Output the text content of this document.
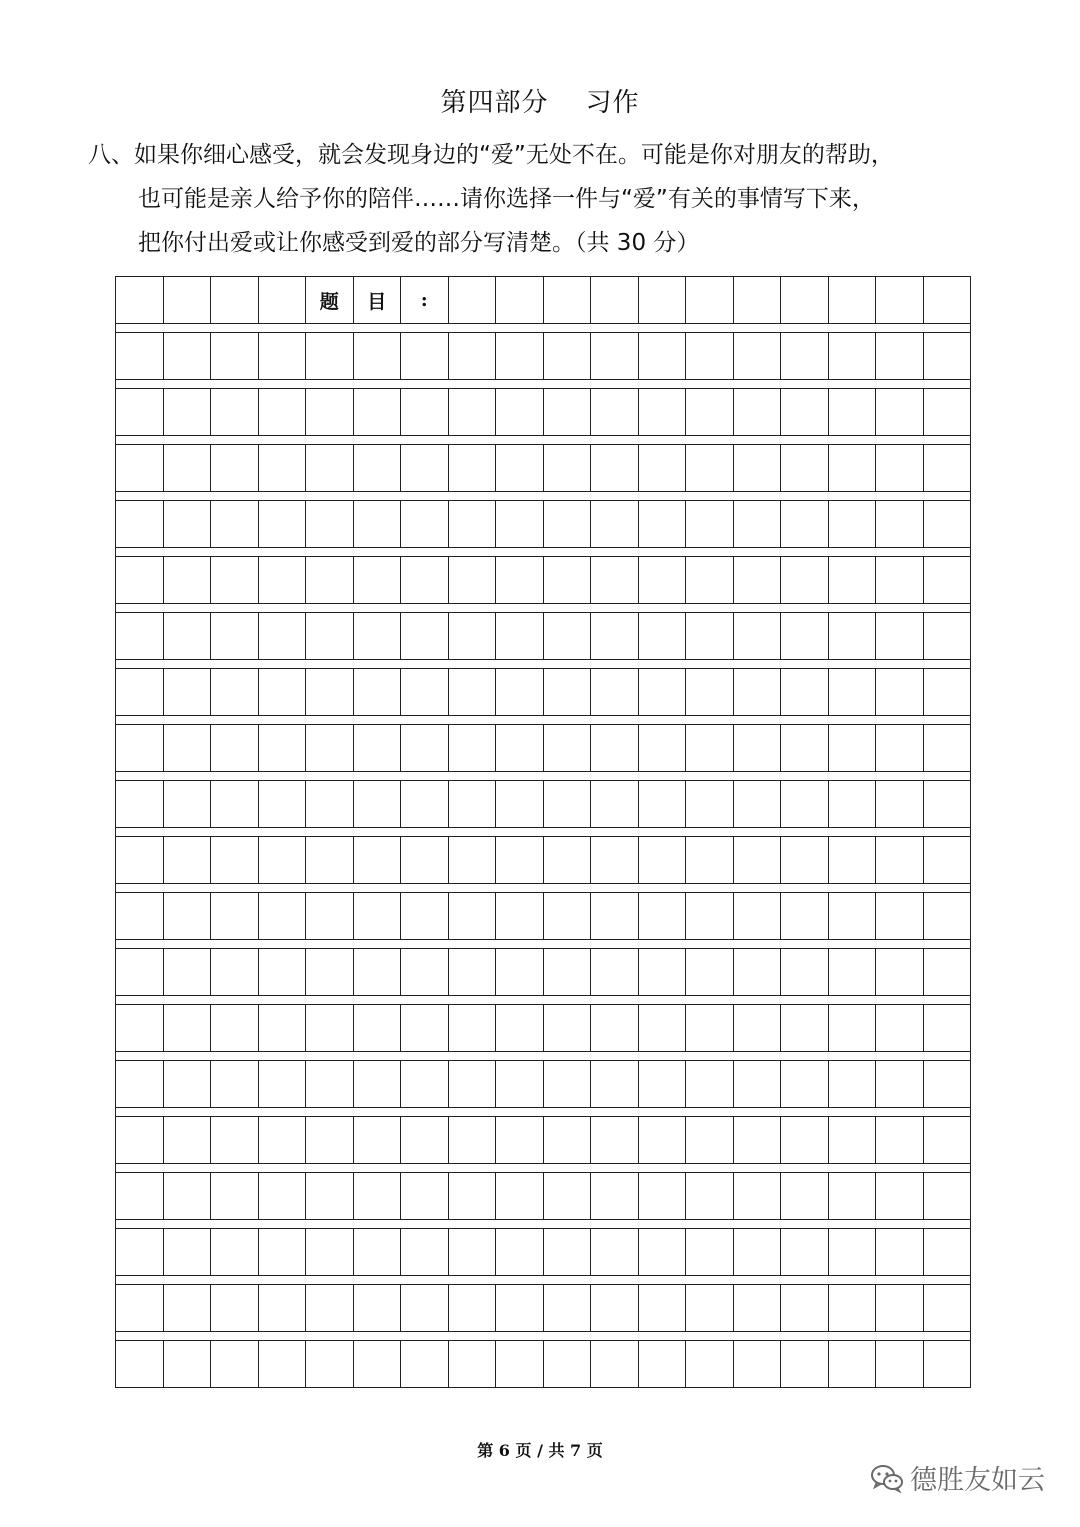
第四部分    习作
八、如果你细心感受，就会发现身边的“爱”无处不在。可能是你对朋友的帮助，
也可能是亲人给予你的陪伴……请你选择一件与“爱”有关的事情写下来，
把你付出爱或让你感受到爱的部分写清楚。（共 30 分）
题	目	:
第 6 页 / 共 7 页
德胜友如云
